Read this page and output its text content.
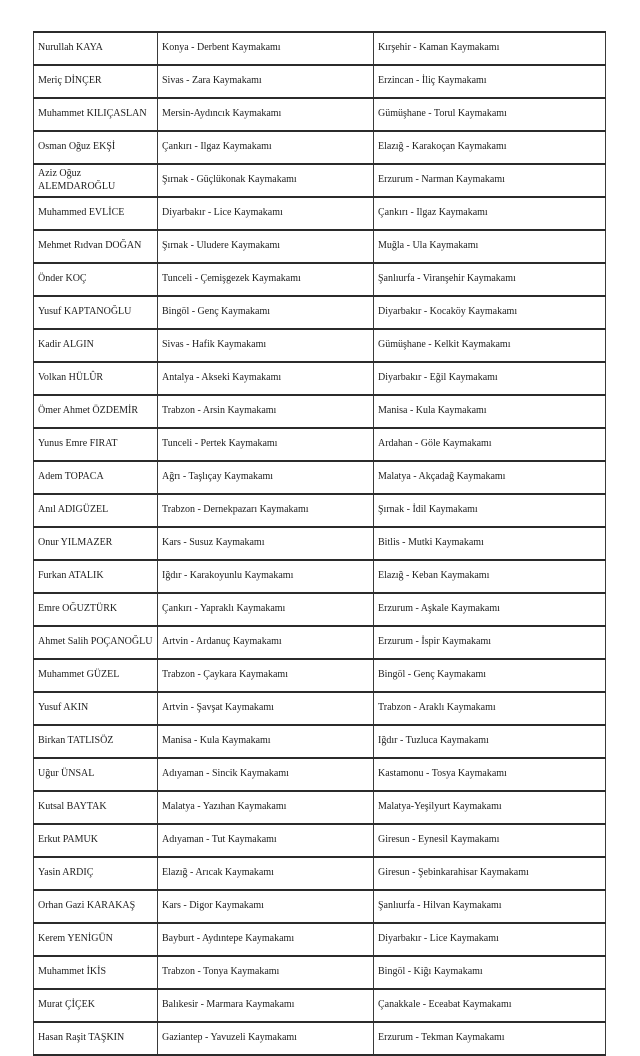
Nurullah KAYA	Konya - Derbent Kaymakamı	Kırşehir - Kaman Kaymakamı
Meriç DİNÇER	Sivas - Zara Kaymakamı	Erzincan - İliç Kaymakamı
Muhammet KILIÇASLAN	Mersin-Aydıncık Kaymakamı	Gümüşhane - Torul Kaymakamı
Osman Oğuz EKŞİ	Çankırı - Ilgaz Kaymakamı	Elazığ - Karakoçan Kaymakamı
Aziz Oğuz ALEMDAROĞLU	Şırnak - Güçlükonak Kaymakamı	Erzurum - Narman Kaymakamı
Muhammed EVLİCE	Diyarbakır - Lice Kaymakamı	Çankırı - Ilgaz Kaymakamı
Mehmet Rıdvan DOĞAN	Şırnak - Uludere Kaymakamı	Muğla - Ula Kaymakamı
Önder KOÇ	Tunceli - Çemişgezek Kaymakamı	Şanlıurfa - Viranşehir Kaymakamı
Yusuf KAPTANOĞLU	Bingöl - Genç Kaymakamı	Diyarbakır - Kocaköy Kaymakamı
Kadir ALGIN	Sivas - Hafik Kaymakamı	Gümüşhane - Kelkit Kaymakamı
Volkan HÜLÛR	Antalya - Akseki Kaymakamı	Diyarbakır - Eğil Kaymakamı
Ömer Ahmet ÖZDEMİR	Trabzon - Arsin Kaymakamı	Manisa - Kula Kaymakamı
Yunus Emre FIRAT	Tunceli - Pertek Kaymakamı	Ardahan - Göle Kaymakamı
Adem TOPACA	Ağrı - Taşlıçay Kaymakamı	Malatya - Akçadağ Kaymakamı
Anıl ADIGÜZEL	Trabzon - Dernekpazarı Kaymakamı	Şırnak - İdil Kaymakamı
Onur YILMAZER	Kars - Susuz Kaymakamı	Bitlis - Mutki Kaymakamı
Furkan ATALIK	Iğdır - Karakoyunlu Kaymakamı	Elazığ - Keban Kaymakamı
Emre OĞUZTÜRK	Çankırı - Yapraklı Kaymakamı	Erzurum - Aşkale Kaymakamı
Ahmet Salih POÇANOĞLU	Artvin - Ardanuç Kaymakamı	Erzurum - İspir Kaymakamı
Muhammet GÜZEL	Trabzon - Çaykara Kaymakamı	Bingöl - Genç Kaymakamı
Yusuf AKIN	Artvin - Şavşat Kaymakamı	Trabzon - Araklı Kaymakamı
Birkan TATLISÖZ	Manisa - Kula Kaymakamı	Iğdır - Tuzluca Kaymakamı
Uğur ÜNSAL	Adıyaman - Sincik Kaymakamı	Kastamonu - Tosya Kaymakamı
Kutsal BAYTAK	Malatya - Yazıhan Kaymakamı	Malatya-Yeşilyurt Kaymakamı
Erkut PAMUK	Adıyaman - Tut Kaymakamı	Giresun - Eynesil Kaymakamı
Yasin ARDIÇ	Elazığ - Arıcak Kaymakamı	Giresun - Şebinkarahisar Kaymakamı
Orhan Gazi KARAKAŞ	Kars - Digor Kaymakamı	Şanlıurfa - Hilvan Kaymakamı
Kerem YENİGÜN	Bayburt - Aydıntepe Kaymakamı	Diyarbakır - Lice Kaymakamı
Muhammet İKİS	Trabzon - Tonya Kaymakamı	Bingöl - Kiğı Kaymakamı
Murat ÇİÇEK	Balıkesir - Marmara Kaymakamı	Çanakkale - Eceabat Kaymakamı
Hasan Raşit TAŞKIN	Gaziantep - Yavuzeli Kaymakamı	Erzurum - Tekman Kaymakamı
